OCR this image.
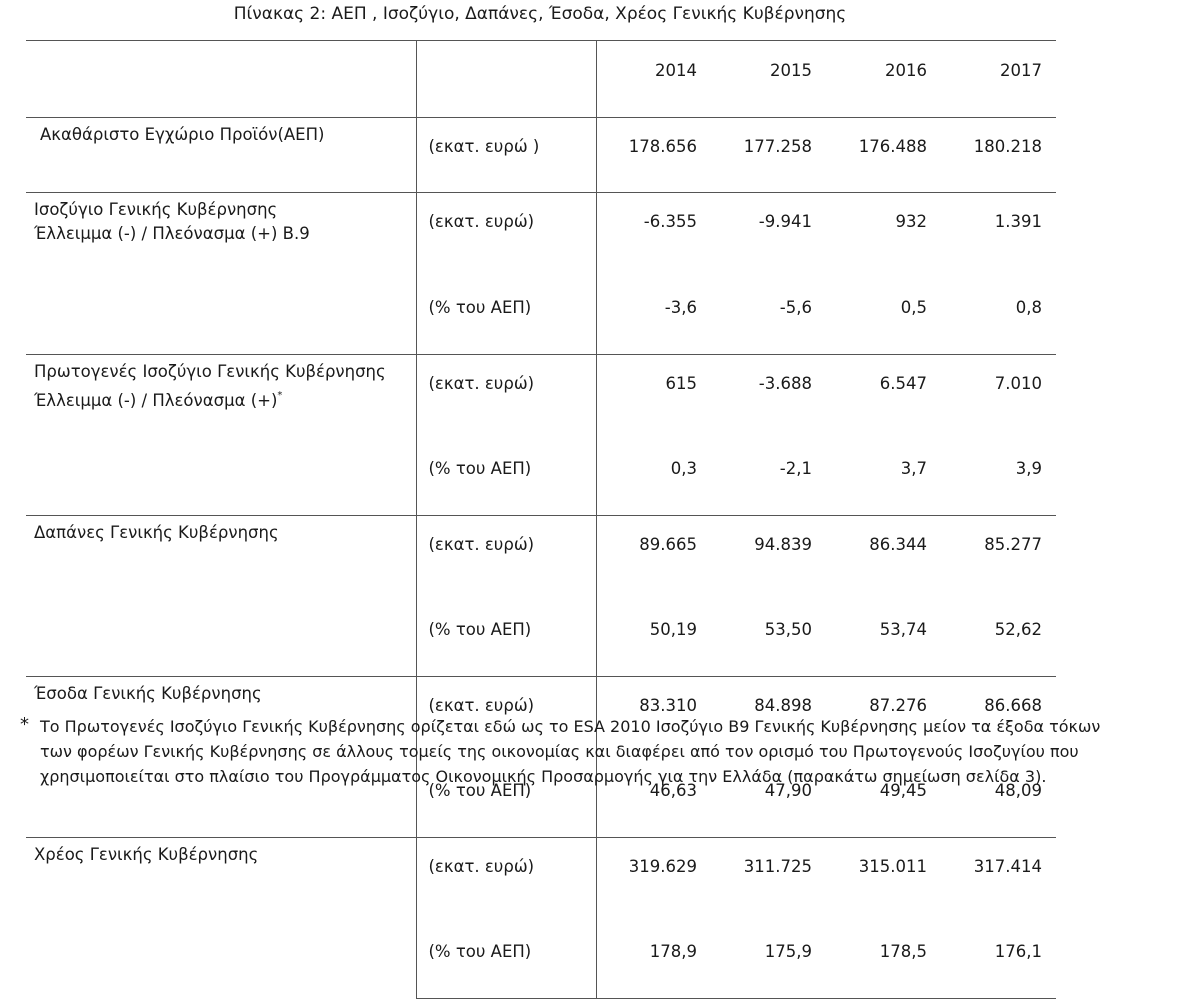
Πίνακας 2: ΑΕΠ , Ισοζύγιο, Δαπάνες, Έσοδα, Χρέος Γενικής Κυβέρνησης
		2014	2015	2016	2017

Ακαθάριστο Εγχώριο Προϊόν(ΑΕΠ)	(εκατ. ευρώ )	178.656	177.258	176.488	180.218

Ισοζύγιο Γενικής Κυβέρνησης
Έλλειμμα (-) / Πλεόνασμα (+) Β.9	(εκατ. ευρώ)	-6.355	-9.941	932	1.391
	(% του ΑΕΠ)	-3,6	-5,6	0,5	0,8

Πρωτογενές Ισοζύγιο Γενικής Κυβέρνησης
Έλλειμμα (-) / Πλεόνασμα (+)*	(εκατ. ευρώ)	615	-3.688	6.547	7.010
	(% του ΑΕΠ)	0,3	-2,1	3,7	3,9

Δαπάνες Γενικής Κυβέρνησης	(εκατ. ευρώ)	89.665	94.839	86.344	85.277
	(% του ΑΕΠ)	50,19	53,50	53,74	52,62

Έσοδα Γενικής Κυβέρνησης	(εκατ. ευρώ)	83.310	84.898	87.276	86.668
	(% του ΑΕΠ)	46,63	47,90	49,45	48,09

Χρέος Γενικής Κυβέρνησης	(εκατ. ευρώ)	319.629	311.725	315.011	317.414
	(% του ΑΕΠ)	178,9	175,9	178,5	176,1
* Το Πρωτογενές Ισοζύγιο Γενικής Κυβέρνησης ορίζεται εδώ ως το ESA 2010 Ισοζύγιο Β9 Γενικής Κυβέρνησης μείον τα έξοδα τόκων
των φορέων Γενικής Κυβέρνησης σε άλλους τομείς της οικονομίας και διαφέρει από τον ορισμό του Πρωτογενούς Ισοζυγίου που
χρησιμοποιείται στο πλαίσιο του Προγράμματος Οικονομικής Προσαρμογής για την Ελλάδα (παρακάτω σημείωση σελίδα 3).
